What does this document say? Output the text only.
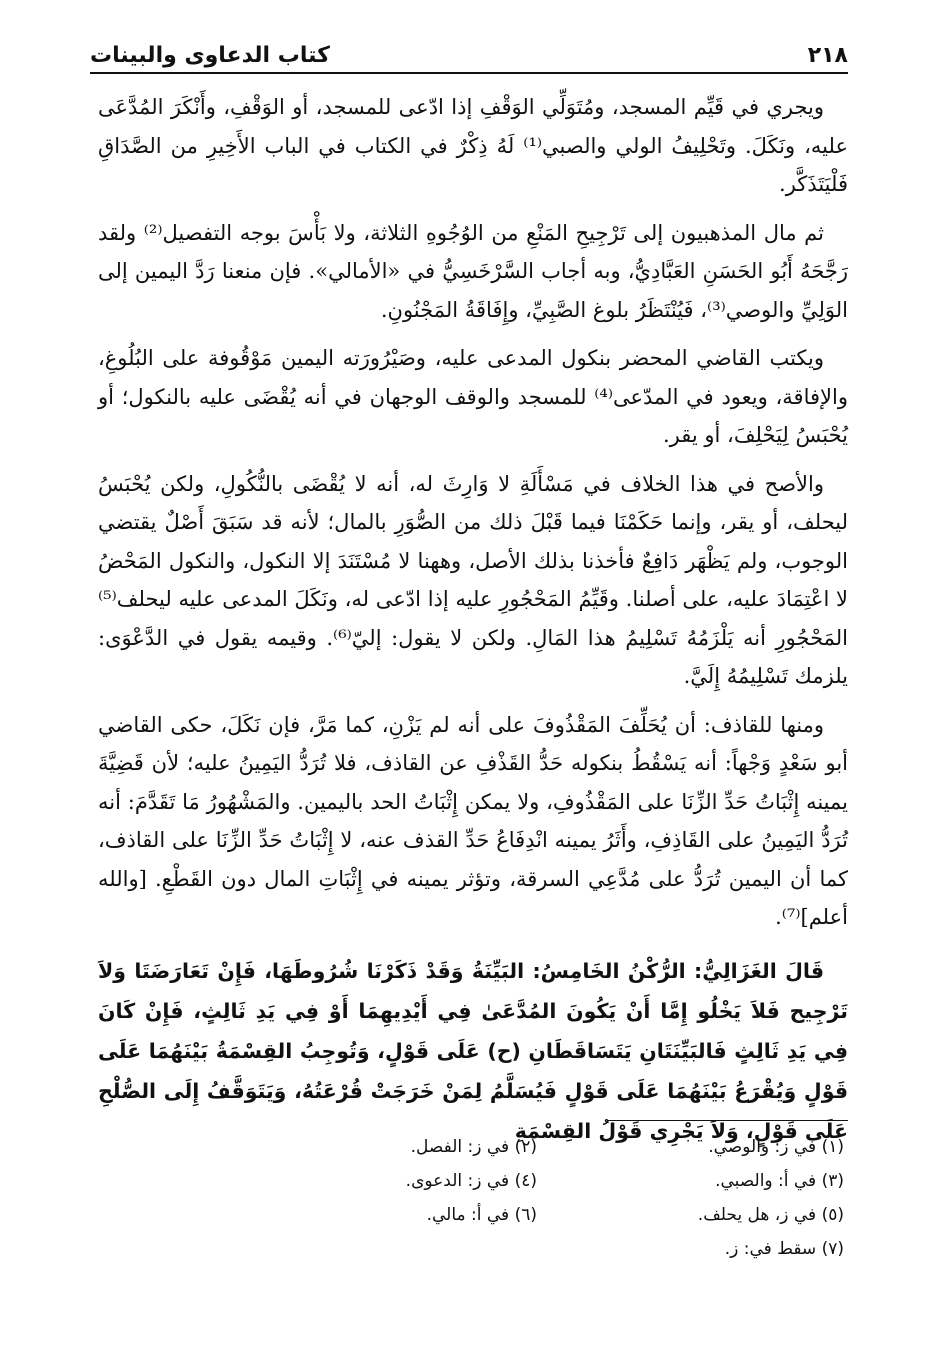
٢١٨
كتاب الدعاوى والبينات

ويجري في قَيِّم المسجد، ومُتَوَلِّي الوَقْفِ إذا ادّعى للمسجد، أو الوَقْفِ، وأَنْكَرَ المُدَّعَى عليه، ونَكَلَ. وتَحْلِيفُ الولي والصبي⁽¹⁾ لَهُ ذِكْرٌ في الكتاب في الباب الأَخِيرِ من الصَّدَاقِ فَلْيَتَذَكَّر.

ثم مال المذهبيون إلى تَرْجِيحِ المَنْعِ من الوُجُوهِ الثلاثة، ولا بَأْسَ بوجه التفصيل⁽²⁾ ولقد رَجَّحَهُ أَبُو الحَسَنِ العَبَّادِيُّ، وبه أجاب السَّرْخَسِيُّ في «الأمالي». فإن منعنا رَدَّ اليمين إلى الوَلِيِّ والوصي⁽³⁾، فَيُنْتَظَرُ بلوغ الصَّبِيِّ، وإِفَاقَةُ المَجْنُونِ.

ويكتب القاضي المحضر بنكول المدعى عليه، وصَيْرُورَته اليمين مَوْقُوفة على البُلُوغِ، والإفاقة، ويعود في المدّعى⁽⁴⁾ للمسجد والوقف الوجهان في أنه يُقْضَى عليه بالنكول؛ أو يُحْبَسُ لِيَحْلِفَ، أو يقر.

والأصح في هذا الخلاف في مَسْأَلَةِ لا وَارِثَ له، أنه لا يُقْضَى بالنُّكُولِ، ولكن يُحْبَسُ ليحلف، أو يقر، وإنما حَكَمْنَا فيما قَبْلَ ذلك من الصُّوَرِ بالمال؛ لأنه قد سَبَقَ أَصْلٌ يقتضي الوجوب، ولم يَظْهَر دَافِعٌ فأخذنا بذلك الأصل، وههنا لا مُسْتَنَدَ إلا النكول، والنكول المَحْضُ لا اعْتِمَادَ عليه، على أصلنا. وقَيِّمُ المَحْجُورِ عليه إذا ادّعى له، ونَكَلَ المدعى عليه ليحلف⁽⁵⁾ المَحْجُورِ أنه يَلْزَمُهُ تَسْلِيمُ هذا المَالِ. ولكن لا يقول: إليّ⁽⁶⁾. وقيمه يقول في الدَّعْوَى: يلزمك تَسْلِيمُهُ إِلَيَّ.

ومنها للقاذف: أن يُحَلِّفَ المَقْذُوفَ على أنه لم يَزْنِ، كما مَرَّ، فإن نَكَلَ، حكى القاضي أبو سَعْدٍ وَجْهاً: أنه يَسْقُطُ بنكوله حَدُّ القَذْفِ عن القاذف، فلا تُرَدُّ اليَمِينُ عليه؛ لأن قَضِيَّةَ يمينه إِثْبَاتُ حَدِّ الزِّنَا على المَقْذُوفِ، ولا يمكن إِثْبَاتُ الحد باليمين. والمَشْهُورُ مَا تَقَدَّمَ: أنه تُرَدُّ اليَمِينُ على القَاذِفِ، وأَثَرُ يمينه انْدِفَاعُ حَدِّ القذف عنه، لا إِثْبَاتُ حَدِّ الزِّنَا على القاذف، كما أن اليمين تُرَدُّ على مُدَّعِي السرقة، وتؤثر يمينه في إِثْبَاتِ المال دون القَطْعِ. [والله أعلم]⁽⁷⁾.

قَالَ الغَزَالِيُّ: الرُّكْنُ الخَامِسُ: البَيِّنَةُ وَقَدْ ذَكَرْنَا شُرُوطَهَا، فَإِنْ تَعَارَضَتَا وَلاَ تَرْجِيح فَلاَ يَخْلُو إِمَّا أَنْ يَكُونَ المُدَّعَىٰ فِي أَيْدِيهِمَا أَوْ فِي يَدِ ثَالِثٍ، فَإِنْ كَانَ فِي يَدِ ثَالِثٍ فَالبَيِّنَتَانِ يَتَسَاقَطَانِ (ح) عَلَى قَوْلٍ، وَتُوجِبُ القِسْمَةُ بَيْنَهُمَا عَلَى قَوْلٍ وَيُقْرَعُ بَيْنَهُمَا عَلَى قَوْلٍ فَيُسَلَّمُ لِمَنْ خَرَجَتْ قُرْعَتُهُ، وَيَتَوَقَّفُ إِلَى الصُّلْحِ عَلَى قَوْلٍ، وَلاَ يَجْرِي قَوْلُ القِسْمَةِ

(١) في ز: والوصي.
(٢) في ز: الفصل.
(٣) في أ: والصبي.
(٤) في ز: الدعوى.
(٥) في ز، هل يحلف.
(٦) في أ: مالي.
(٧) سقط في: ز.
